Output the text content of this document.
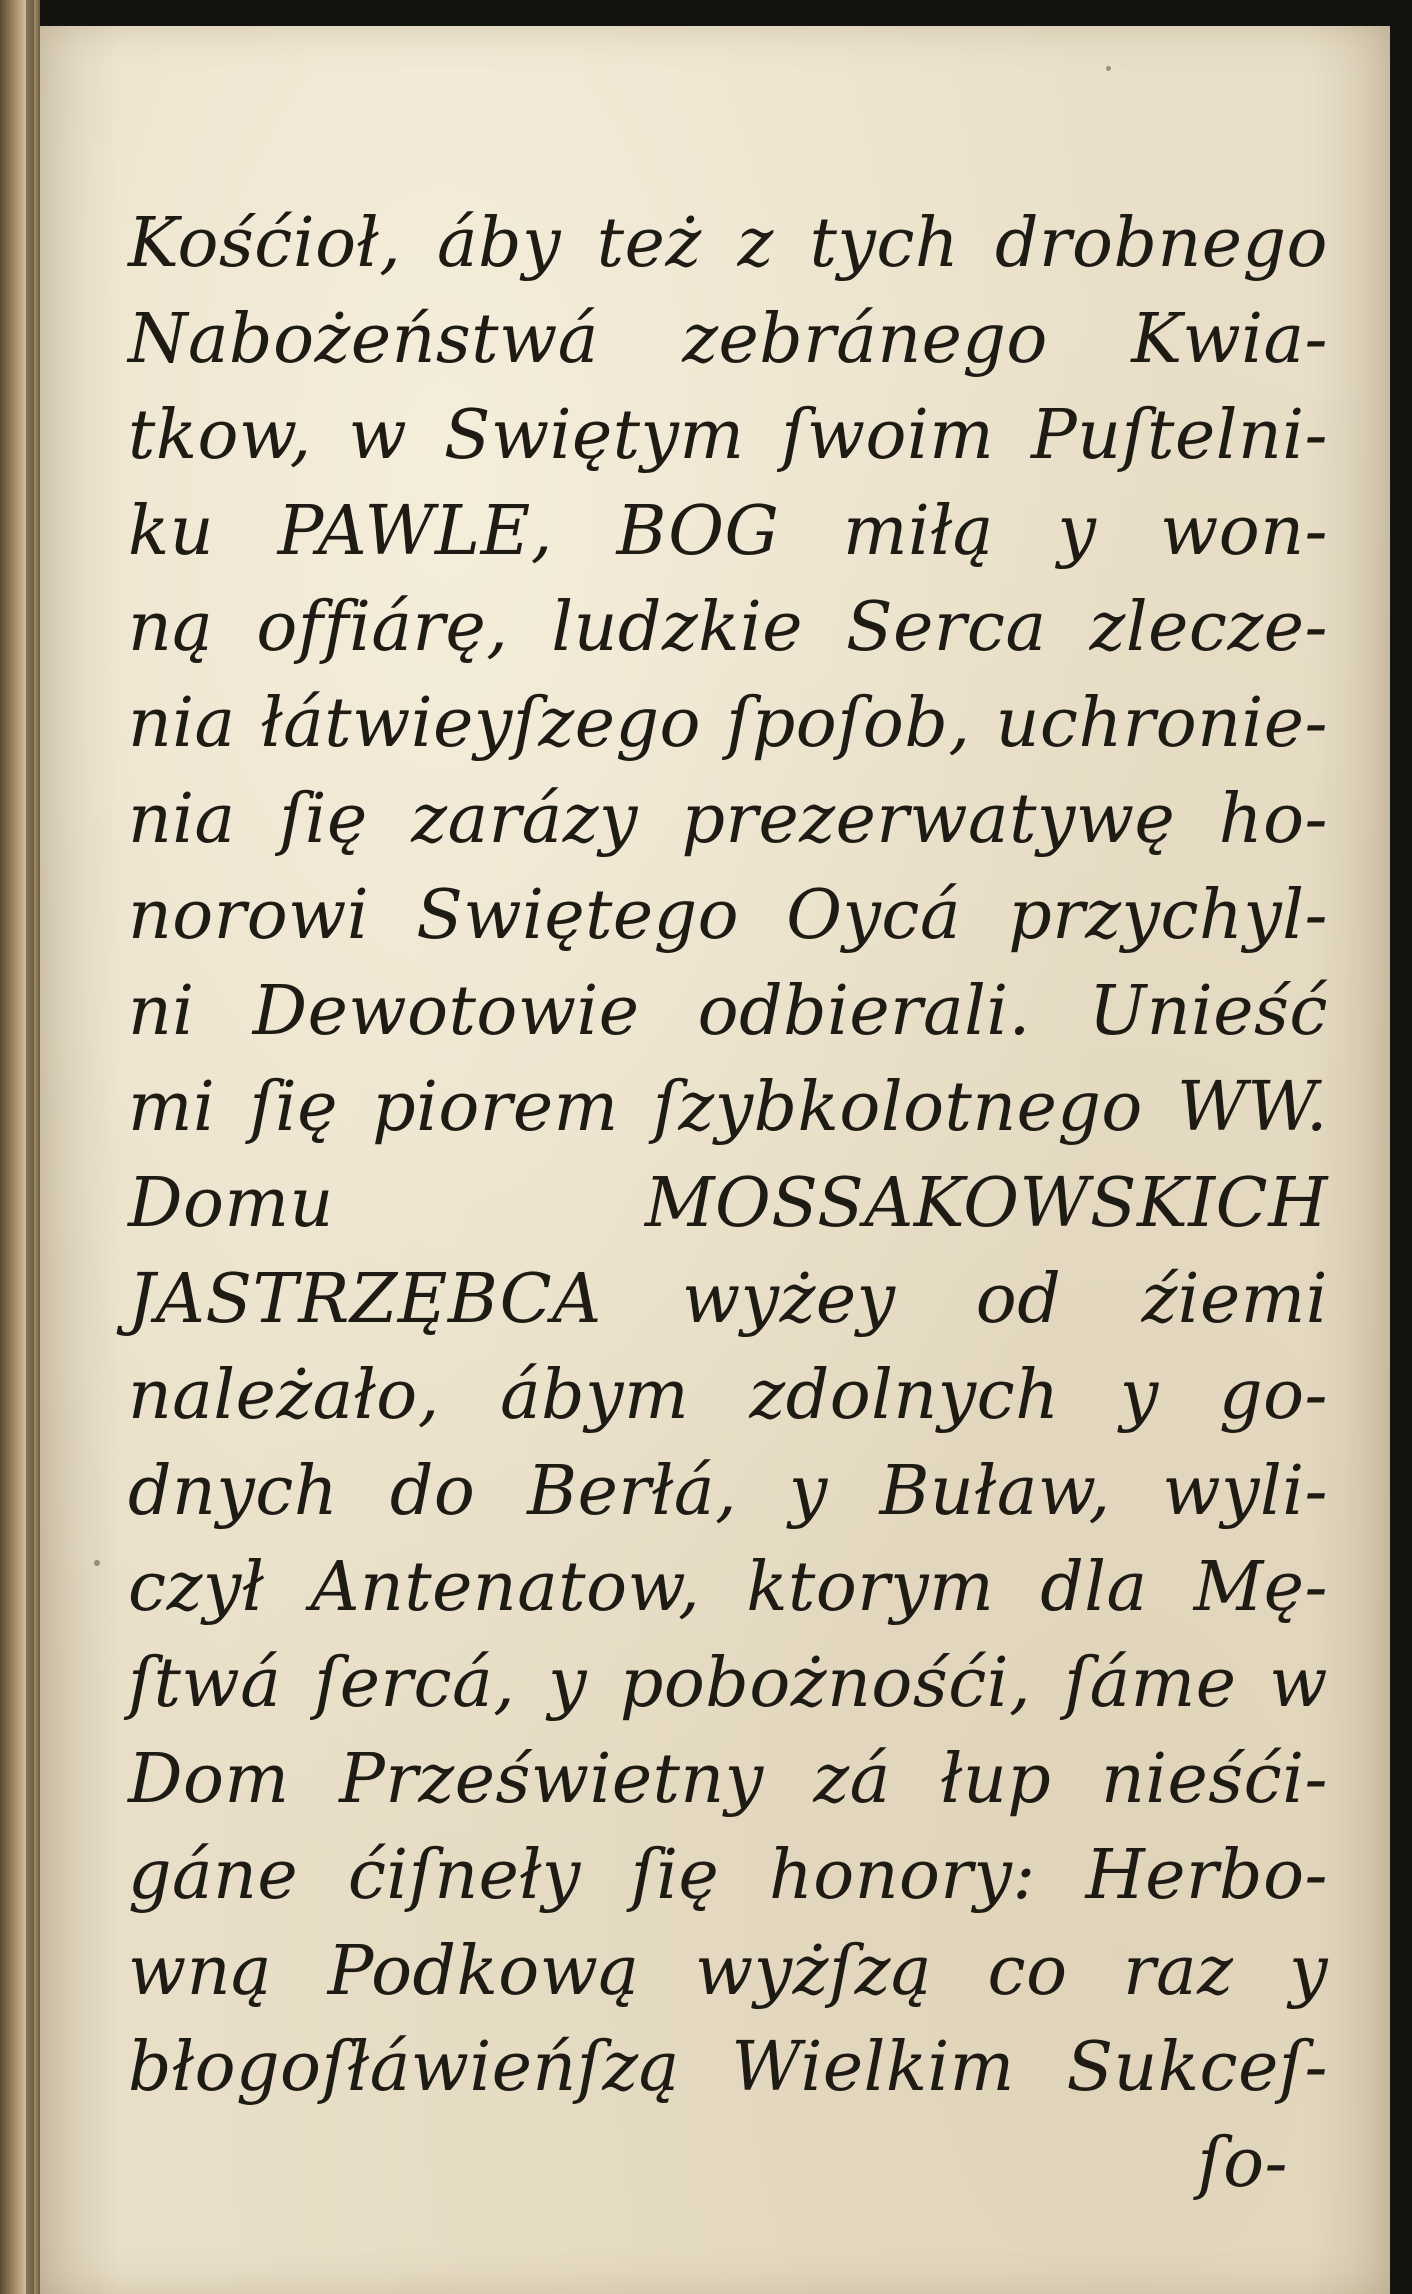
Kośćioł, áby też z tych drobnego
Nabożeństwá zebránego Kwia-
tkow, w Swiętym ſwoim Puſtelni-
ku PAWLE, BOG miłą y won-
ną offiárę, ludzkie Serca zlecze-
nia łátwieyſzego ſpoſob, uchronie-
nia ſię zarázy prezerwatywę ho-
norowi Swiętego Oycá przychyl-
ni Dewotowie odbierali. Unieść
mi ſię piorem ſzybkolotnego WW.
Domu MOSSAKOWSKICH
JASTRZĘBCA wyżey od źiemi
należało, ábym zdolnych y go-
dnych do Berłá, y Buław, wyli-
czył Antenatow, ktorym dla Mę-
ſtwá ſercá, y pobożnośći, ſáme w
Dom Prześwietny zá łup nieśći-
gáne ćiſneły ſię honory: Herbo-
wną Podkową wyżſzą co raz y
błogoſłáwieńſzą Wielkim Sukceſ-
ſo-
